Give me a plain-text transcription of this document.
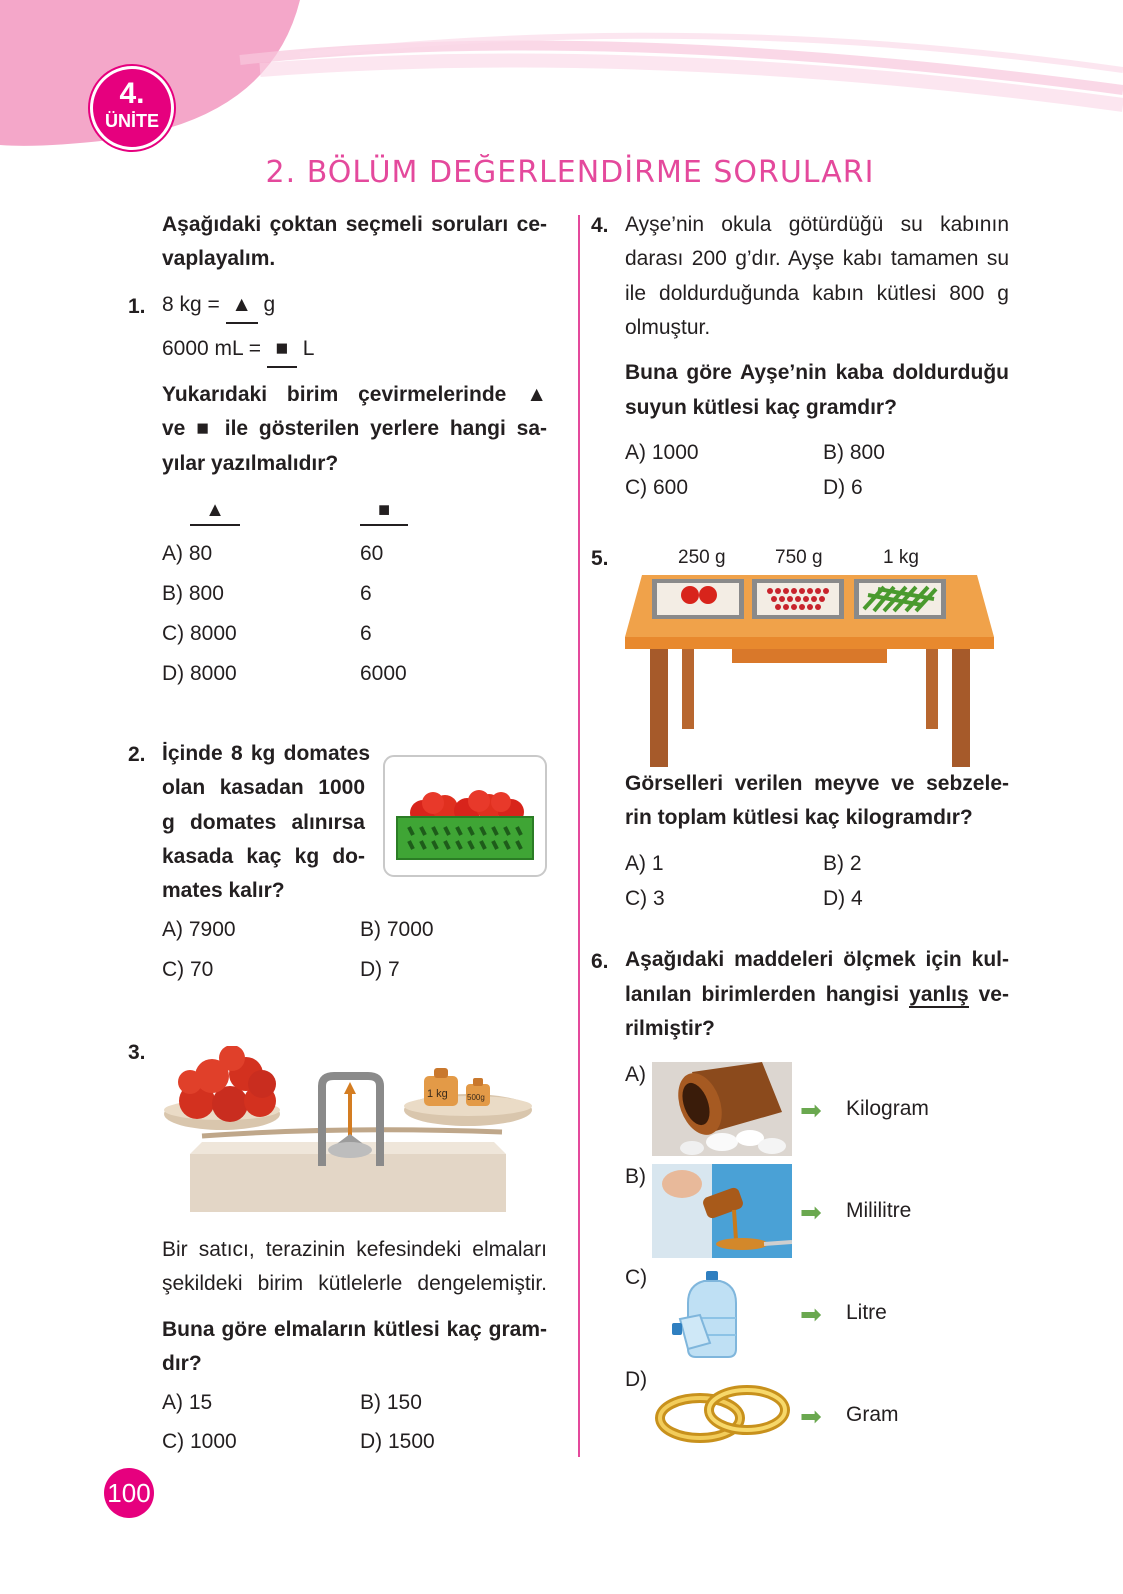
4.
ÜNİTE
2. BÖLÜM DEĞERLENDİRME SORULARI
Aşağıdaki çoktan seçmeli soruları ce-
vaplayalım.
1. 8 kg = ▲ g
6000 mL = ■ L
Yukarıdaki birim çevirmelerinde ▲
ve ■ ile gösterilen yerlere hangi sa-
yılar yazılmalıdır?
▲	■
A) 80	60
B) 800	6
C) 8000	6
D) 8000	6000
2. İçinde 8 kg domates
olan kasadan 1000
g domates alınırsa
kasada kaç kg do-
mates kalır?
A) 7900	B) 7000
C) 70	D) 7
3.
1 kg 500g
Bir satıcı, terazinin kefesindeki elmaları
şekildeki birim kütlelerle dengelemiştir.
Buna göre elmaların kütlesi kaç gram-
dır?
A) 15	B) 150
C) 1000	D) 1500
4. Ayşe’nin okula götürdüğü su kabının
darası 200 g’dır. Ayşe kabı tamamen su
ile doldurduğunda kabın kütlesi 800 g
olmuştur.
Buna göre Ayşe’nin kaba doldurduğu
suyun kütlesi kaç gramdır?
A) 1000	B) 800
C) 600	D) 6
5.	250 g	750 g	1 kg
Görselleri verilen meyve ve sebzele-
rin toplam kütlesi kaç kilogramdır?
A) 1	B) 2
C) 3	D) 4
6. Aşağıdaki maddeleri ölçmek için kul-
lanılan birimlerden hangisi yanlış ve-
rilmiştir?
A)
➡ Kilogram
B)
➡ Mililitre
C)
➡ Litre
D)
➡ Gram
100
